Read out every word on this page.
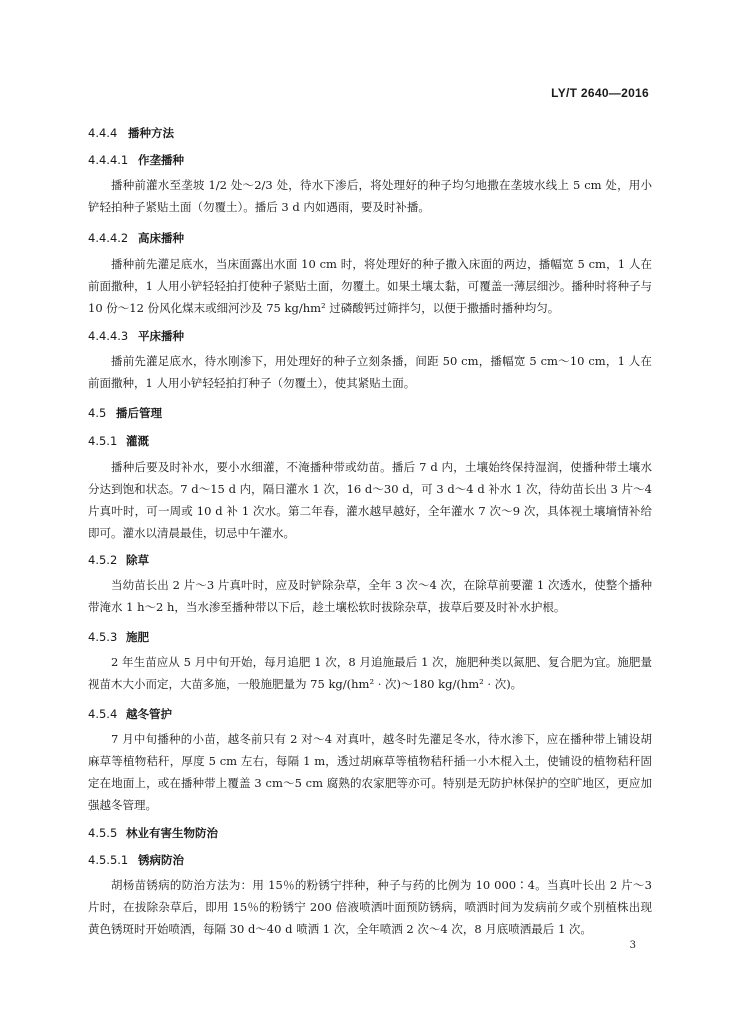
LY/T 2640—2016
4.4.4 播种方法
4.4.4.1 作垄播种
播种前灌水至垄坡 1/2 处～2/3 处，待水下渗后，将处理好的种子均匀地撒在垄坡水线上 5 cm 处，用小铲轻拍种子紧贴土面（勿覆土）。播后 3 d 内如遇雨，要及时补播。
4.4.4.2 高床播种
播种前先灌足底水，当床面露出水面 10 cm 时，将处理好的种子撒入床面的两边，播幅宽 5 cm，1 人在前面撒种，1 人用小铲轻轻拍打使种子紧贴土面，勿覆土。如果土壤太黏，可覆盖一薄层细沙。播种时将种子与 10 份～12 份风化煤末或细河沙及 75 kg/hm² 过磷酸钙过筛拌匀，以便于撒播时播种均匀。
4.4.4.3 平床播种
播前先灌足底水，待水刚渗下，用处理好的种子立刻条播，间距 50 cm，播幅宽 5 cm～10 cm，1 人在前面撒种，1 人用小铲轻轻拍打种子（勿覆土），使其紧贴土面。
4.5 播后管理
4.5.1 灌溉
播种后要及时补水，要小水细灌，不淹播种带或幼苗。播后 7 d 内，土壤始终保持湿润，使播种带土壤水分达到饱和状态。7 d～15 d 内，隔日灌水 1 次，16 d～30 d，可 3 d～4 d 补水 1 次，待幼苗长出 3 片～4 片真叶时，可一周或 10 d 补 1 次水。第二年春，灌水越早越好，全年灌水 7 次～9 次，具体视土壤墒情补给即可。灌水以清晨最佳，切忌中午灌水。
4.5.2 除草
当幼苗长出 2 片～3 片真叶时，应及时铲除杂草，全年 3 次～4 次，在除草前要灌 1 次透水，使整个播种带淹水 1 h～2 h，当水渗至播种带以下后，趁土壤松软时拔除杂草，拔草后要及时补水护根。
4.5.3 施肥
2 年生苗应从 5 月中旬开始，每月追肥 1 次，8 月追施最后 1 次，施肥种类以氮肥、复合肥为宜。施肥量视苗木大小而定，大苗多施，一般施肥量为 75 kg/(hm² · 次)～180 kg/(hm² · 次)。
4.5.4 越冬管护
7 月中旬播种的小苗，越冬前只有 2 对～4 对真叶，越冬时先灌足冬水，待水渗下，应在播种带上铺设胡麻草等植物秸秆，厚度 5 cm 左右，每隔 1 m，透过胡麻草等植物秸秆插一小木棍入土，使铺设的植物秸秆固定在地面上，或在播种带上覆盖 3 cm～5 cm 腐熟的农家肥等亦可。特别是无防护林保护的空旷地区，更应加强越冬管理。
4.5.5 林业有害生物防治
4.5.5.1 锈病防治
胡杨苗锈病的防治方法为：用 15％的粉锈宁拌种，种子与药的比例为 10 000∶4。当真叶长出 2 片～3 片时，在拔除杂草后，即用 15％的粉锈宁 200 倍液喷洒叶面预防锈病，喷洒时间为发病前夕或个别植株出现黄色锈斑时开始喷洒，每隔 30 d～40 d 喷洒 1 次，全年喷洒 2 次～4 次，8 月底喷洒最后 1 次。
3
